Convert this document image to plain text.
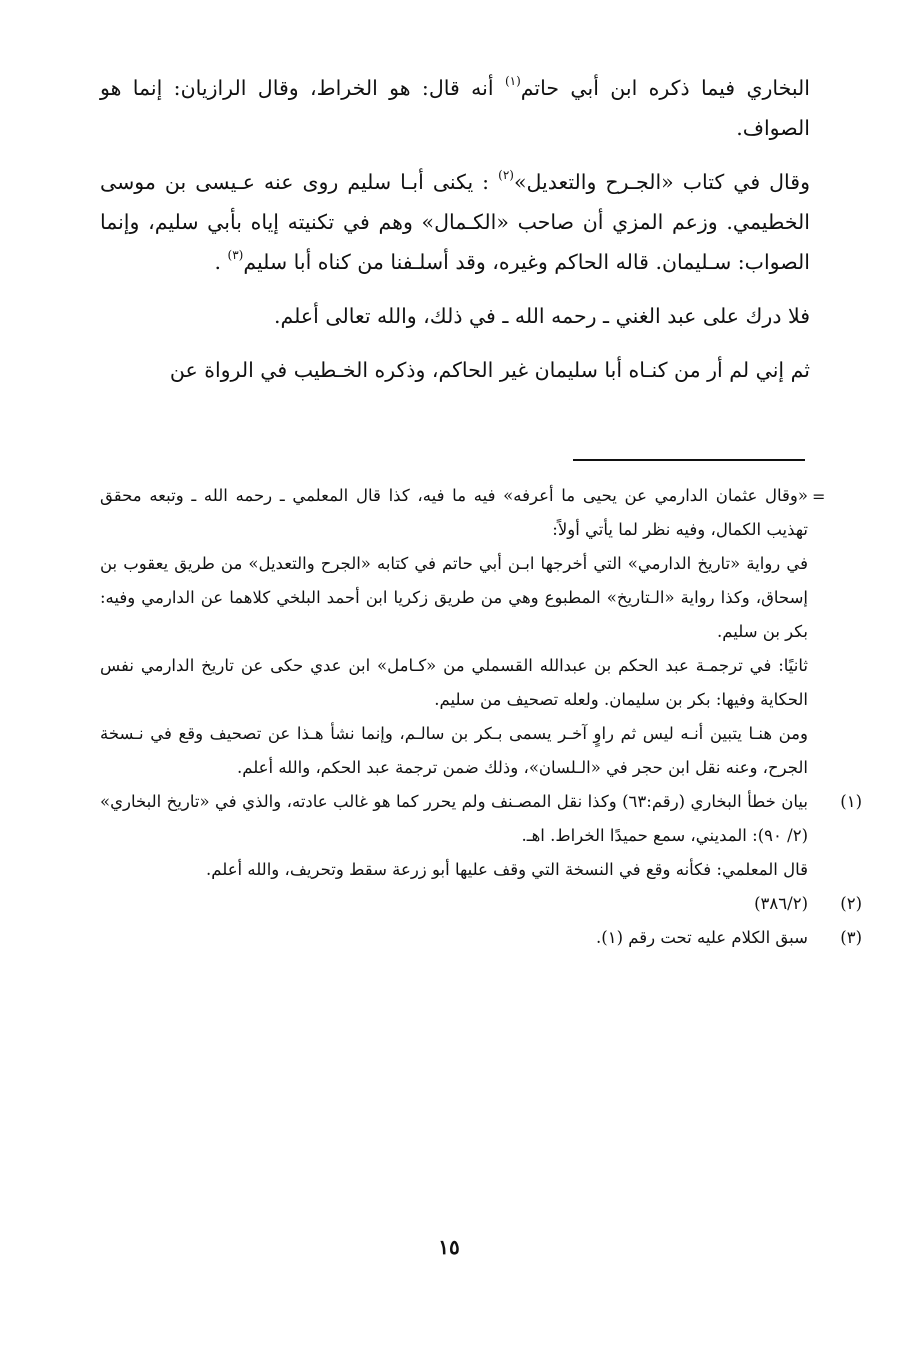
البخاري فيما ذكره ابن أبي حاتم$^{(١)}$ أنه قال: هو الخراط، وقال الرازيان: إنما هو الصواف.

وقال في كتاب «الجـرح والتعديل»$^{(٢)}$ : يكنى أبـا سليم روى عنه عـيسى بن موسى الخطيمي. وزعم المزي أن صاحب «الكـمال» وهم في تكنيته إياه بأبي سليم، وإنما الصواب: سـليمان. قاله الحاكم وغيره، وقد أسلـفنا من كناه أبا سليم$^{(٣)}$ .

فلا درك على عبد الغني ـ رحمه الله ـ في ذلك، والله تعالى أعلم.

ثم إني لم أر من كنـاه أبا سليمان غير الحاكم، وذكره الخـطيب في الرواة عن

=

«وقال عثمان الدارمي عن يحيى ما أعرفه» فيه ما فيه، كذا قال المعلمي ـ رحمه الله ـ وتبعه محقق تهذيب الكمال، وفيه نظر لما يأتي أولاً:

في رواية «تاريخ الدارمي» التي أخرجها ابـن أبي حاتم في كتابه «الجرح والتعديل» من طريق يعقوب بن إسحاق، وكذا رواية «الـتاريخ» المطبوع وهي من طريق زكريا ابن أحمد البلخي كلاهما عن الدارمي وفيه: بكر بن سليم.

ثانيًا: في ترجمـة عبد الحكم بن عبدالله القسملي من «كـامل» ابن عدي حكى عن تاريخ الدارمي نفس الحكاية وفيها: بكر بن سليمان. ولعله تصحيف من سليم.

ومن هنـا يتبين أنـه ليس ثم راوٍ آخـر يسمى بـكر بن سالـم، وإنما نشأ هـذا عن تصحيف وقع في نـسخة الجرح، وعنه نقل ابن حجر في «الـلسان»، وذلك ضمن ترجمة عبد الحكم، والله أعلم.

(١)
بيان خطأ البخاري (رقم:٦٣) وكذا نقل المصـنف ولم يحرر كما هو غالب عادته، والذي في «تاريخ البخاري» (٢/ ٩٠): المديني، سمع حميدًا الخراط. اهـ.

قال المعلمي: فكأنه وقع في النسخة التي وقف عليها أبو زرعة سقط وتحريف، والله أعلم.

(٢)
(٣٨٦/٢)

(٣)
سبق الكلام عليه تحت رقم (١).

١٥
